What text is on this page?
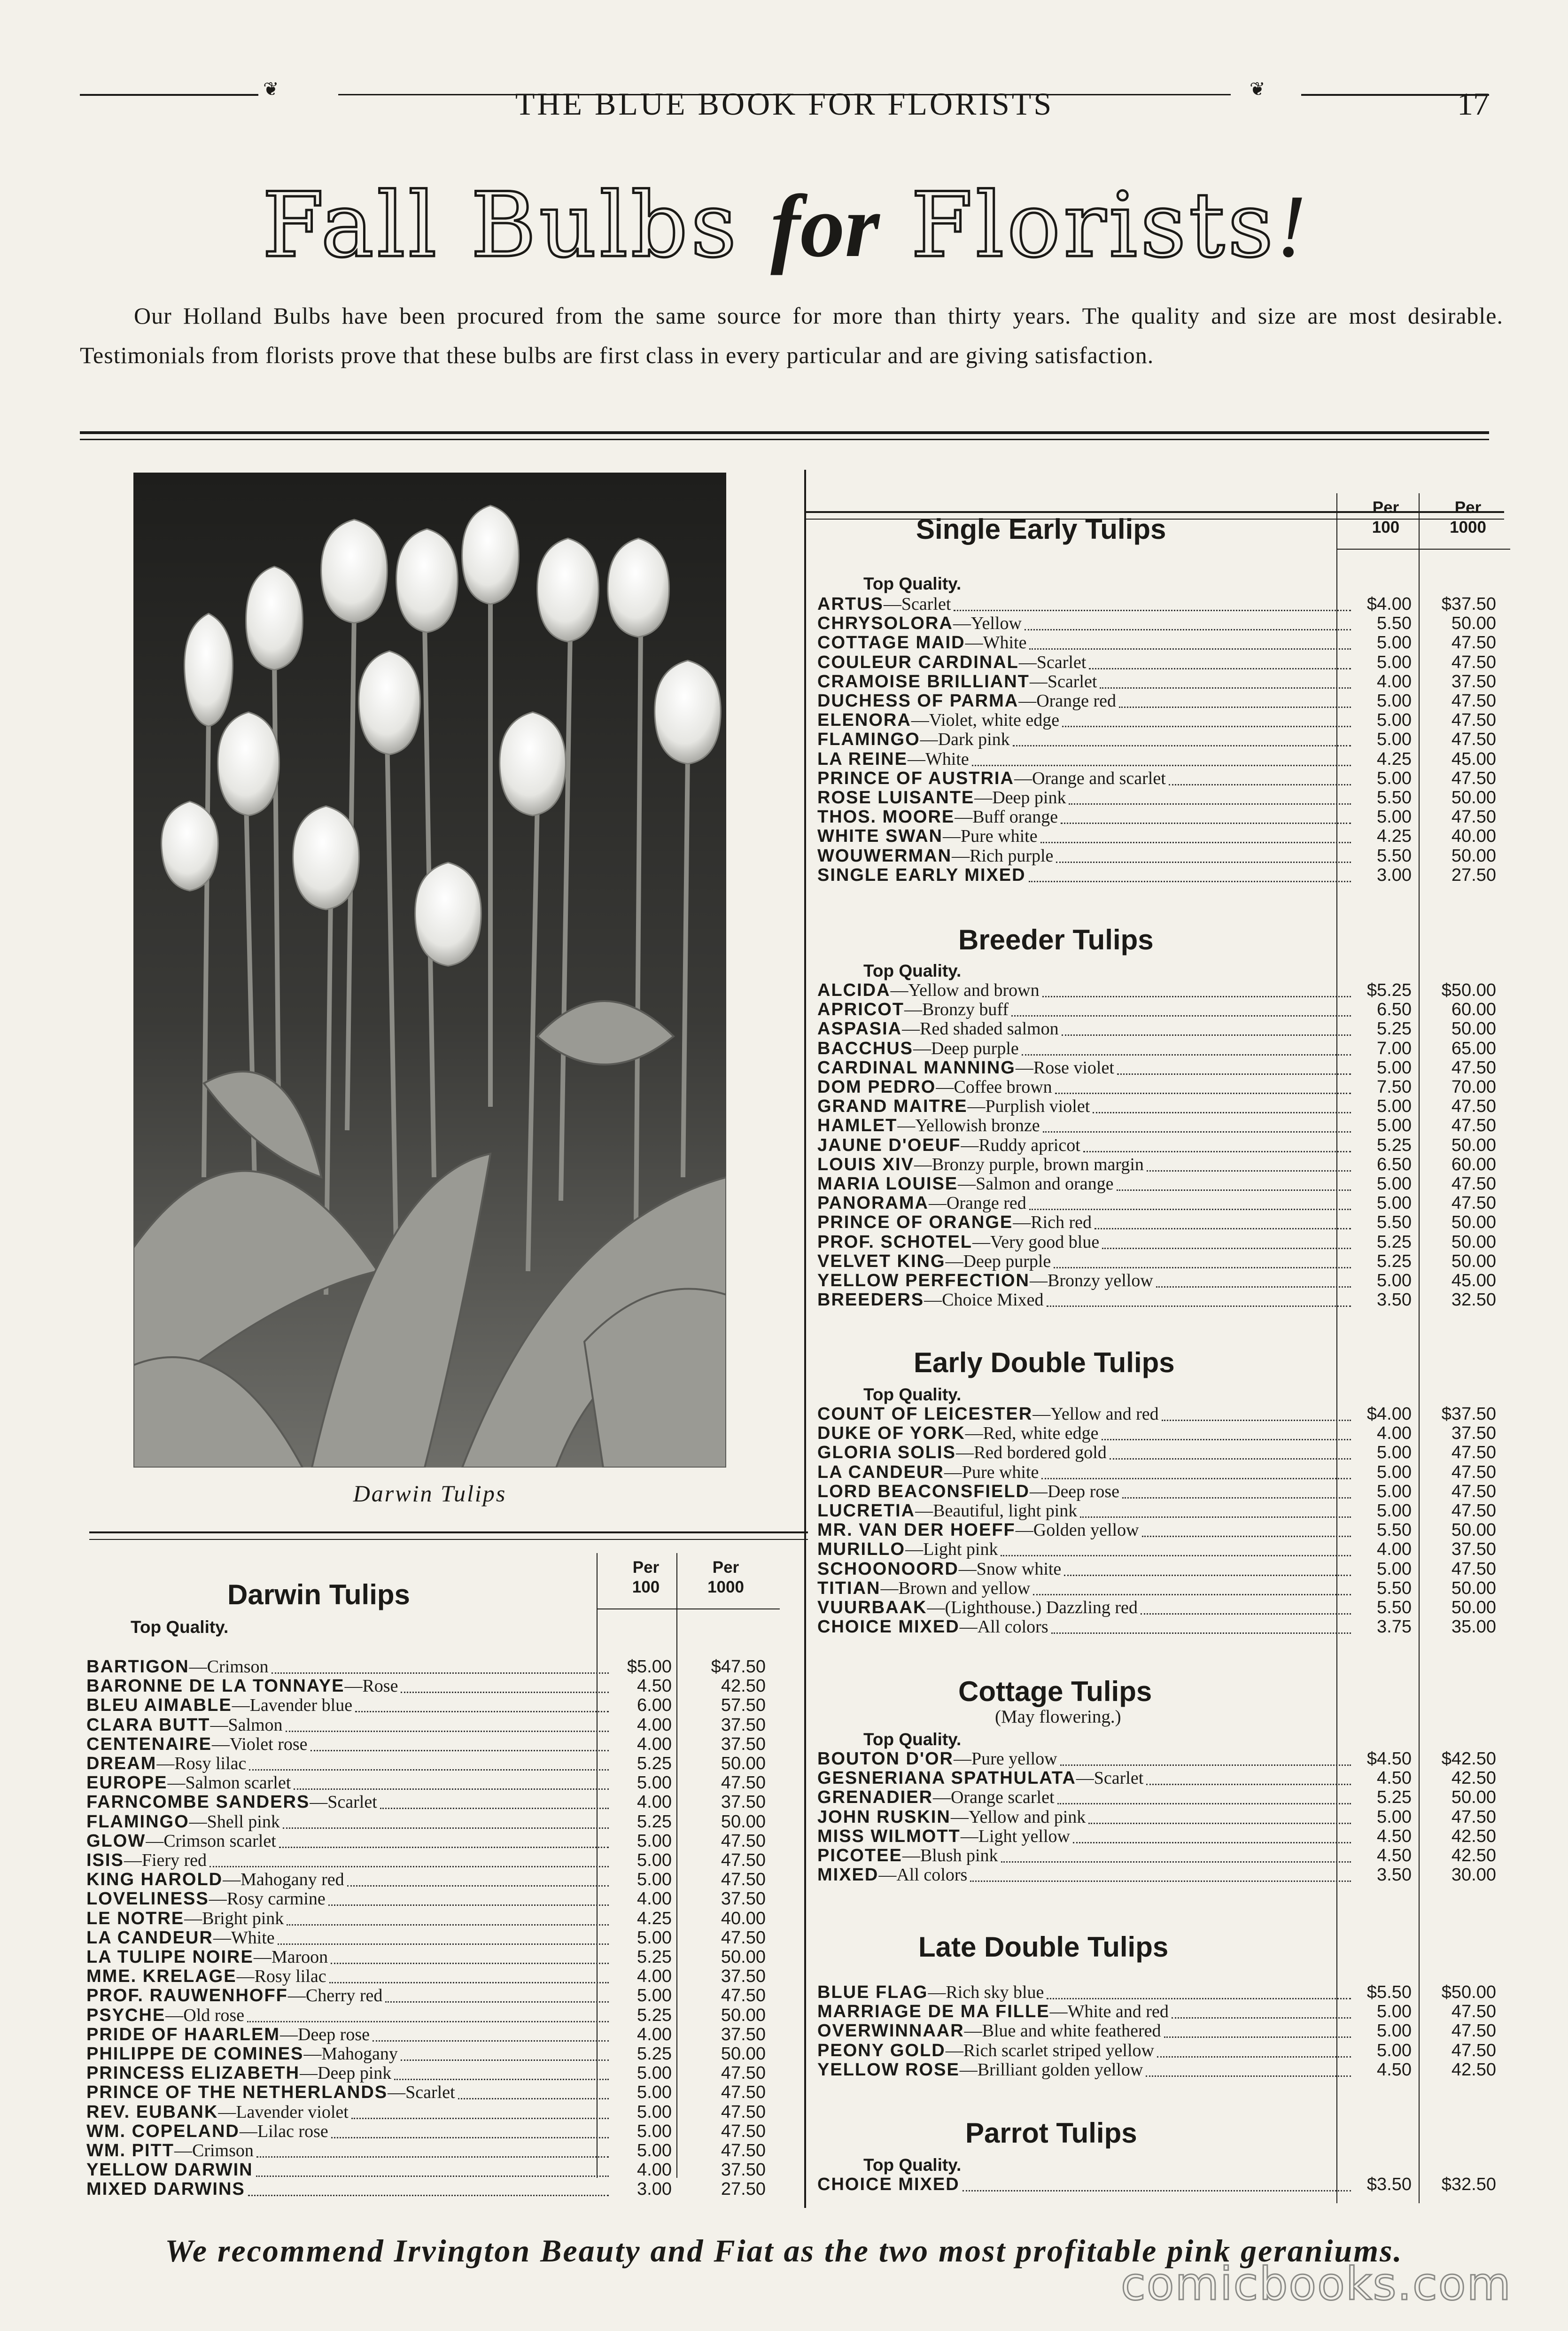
❦	❦
THE BLUE BOOK FOR FLORISTS	17
Fall Bulbs for Florists!
Our Holland Bulbs have been procured from the same source for more than thirty years. The quality and size are most desirable. Testimonials from florists prove that these bulbs are first class in every particular and are giving satisfaction.
Darwin Tulips
Darwin Tulips
Per
100
Per
1000
Top Quality.
BARTIGON—Crimson	$5.00	$47.50
BARONNE DE LA TONNAYE—Rose	4.50	42.50
BLEU AIMABLE—Lavender blue	6.00	57.50
CLARA BUTT—Salmon	4.00	37.50
CENTENAIRE—Violet rose	4.00	37.50
DREAM—Rosy lilac	5.25	50.00
EUROPE—Salmon scarlet	5.00	47.50
FARNCOMBE SANDERS—Scarlet	4.00	37.50
FLAMINGO—Shell pink	5.25	50.00
GLOW—Crimson scarlet	5.00	47.50
ISIS—Fiery red	5.00	47.50
KING HAROLD—Mahogany red	5.00	47.50
LOVELINESS—Rosy carmine	4.00	37.50
LE NOTRE—Bright pink	4.25	40.00
LA CANDEUR—White	5.00	47.50
LA TULIPE NOIRE—Maroon	5.25	50.00
MME. KRELAGE—Rosy lilac	4.00	37.50
PROF. RAUWENHOFF—Cherry red	5.00	47.50
PSYCHE—Old rose	5.25	50.00
PRIDE OF HAARLEM—Deep rose	4.00	37.50
PHILIPPE DE COMINES—Mahogany	5.25	50.00
PRINCESS ELIZABETH—Deep pink	5.00	47.50
PRINCE OF THE NETHERLANDS—Scarlet	5.00	47.50
REV. EUBANK—Lavender violet	5.00	47.50
WM. COPELAND—Lilac rose	5.00	47.50
WM. PITT—Crimson	5.00	47.50
YELLOW DARWIN	4.00	37.50
MIXED DARWINS	3.00	27.50
Single Early Tulips
Per
100
Per
1000
Top Quality.
ARTUS—Scarlet	$4.00	$37.50
CHRYSOLORA—Yellow	5.50	50.00
COTTAGE MAID—White	5.00	47.50
COULEUR CARDINAL—Scarlet	5.00	47.50
CRAMOISE BRILLIANT—Scarlet	4.00	37.50
DUCHESS OF PARMA—Orange red	5.00	47.50
ELENORA—Violet, white edge	5.00	47.50
FLAMINGO—Dark pink	5.00	47.50
LA REINE—White	4.25	45.00
PRINCE OF AUSTRIA—Orange and scarlet	5.00	47.50
ROSE LUISANTE—Deep pink	5.50	50.00
THOS. MOORE—Buff orange	5.00	47.50
WHITE SWAN—Pure white	4.25	40.00
WOUWERMAN—Rich purple	5.50	50.00
SINGLE EARLY MIXED	3.00	27.50
Breeder Tulips
Top Quality.
ALCIDA—Yellow and brown	$5.25	$50.00
APRICOT—Bronzy buff	6.50	60.00
ASPASIA—Red shaded salmon	5.25	50.00
BACCHUS—Deep purple	7.00	65.00
CARDINAL MANNING—Rose violet	5.00	47.50
DOM PEDRO—Coffee brown	7.50	70.00
GRAND MAITRE—Purplish violet	5.00	47.50
HAMLET—Yellowish bronze	5.00	47.50
JAUNE D'OEUF—Ruddy apricot	5.25	50.00
LOUIS XIV—Bronzy purple, brown margin	6.50	60.00
MARIA LOUISE—Salmon and orange	5.00	47.50
PANORAMA—Orange red	5.00	47.50
PRINCE OF ORANGE—Rich red	5.50	50.00
PROF. SCHOTEL—Very good blue	5.25	50.00
VELVET KING—Deep purple	5.25	50.00
YELLOW PERFECTION—Bronzy yellow	5.00	45.00
BREEDERS—Choice Mixed	3.50	32.50
Early Double Tulips
Top Quality.
COUNT OF LEICESTER—Yellow and red	$4.00	$37.50
DUKE OF YORK—Red, white edge	4.00	37.50
GLORIA SOLIS—Red bordered gold	5.00	47.50
LA CANDEUR—Pure white	5.00	47.50
LORD BEACONSFIELD—Deep rose	5.00	47.50
LUCRETIA—Beautiful, light pink	5.00	47.50
MR. VAN DER HOEFF—Golden yellow	5.50	50.00
MURILLO—Light pink	4.00	37.50
SCHOONOORD—Snow white	5.00	47.50
TITIAN—Brown and yellow	5.50	50.00
VUURBAAK—(Lighthouse.) Dazzling red	5.50	50.00
CHOICE MIXED—All colors	3.75	35.00
Cottage Tulips
Top Quality.
(May flowering.)
BOUTON D'OR—Pure yellow	$4.50	$42.50
GESNERIANA SPATHULATA—Scarlet	4.50	42.50
GRENADIER—Orange scarlet	5.25	50.00
JOHN RUSKIN—Yellow and pink	5.00	47.50
MISS WILMOTT—Light yellow	4.50	42.50
PICOTEE—Blush pink	4.50	42.50
MIXED—All colors	3.50	30.00
Late Double Tulips
BLUE FLAG—Rich sky blue	$5.50	$50.00
MARRIAGE DE MA FILLE—White and red	5.00	47.50
OVERWINNAAR—Blue and white feathered	5.00	47.50
PEONY GOLD—Rich scarlet striped yellow	5.00	47.50
YELLOW ROSE—Brilliant golden yellow	4.50	42.50
Parrot Tulips
Top Quality.
CHOICE MIXED	$3.50	$32.50
We recommend Irvington Beauty and Fiat as the two most profitable pink geraniums.
comicbooks.com
